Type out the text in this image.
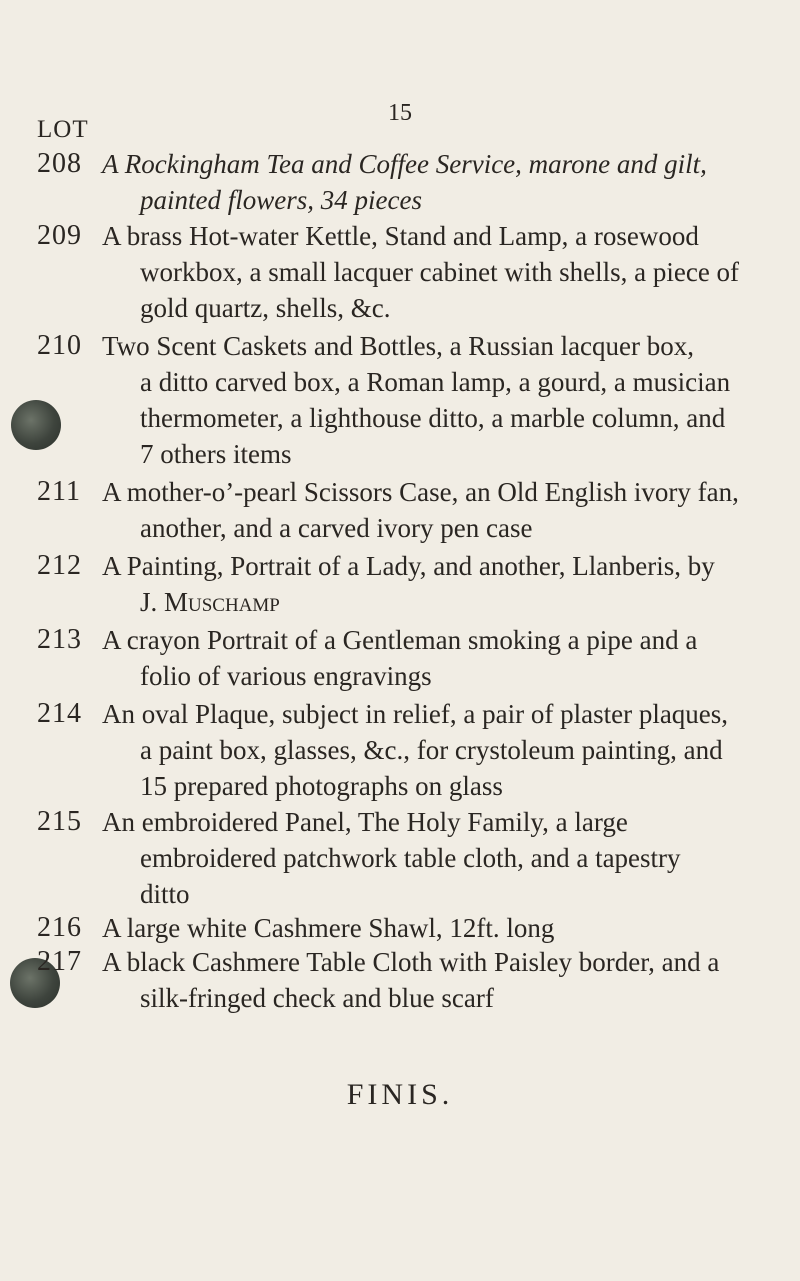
15
LOT
208 A Rockingham Tea and Coffee Service, marone and gilt,
painted flowers, 34 pieces
209 A brass Hot-water Kettle, Stand and Lamp, a rosewood
workbox, a small lacquer cabinet with shells, a piece of
gold quartz, shells, &c.
210 Two Scent Caskets and Bottles, a Russian lacquer box,
a ditto carved box, a Roman lamp, a gourd, a musician
thermometer, a lighthouse ditto, a marble column, and
7 others items
211 A mother-o’-pearl Scissors Case, an Old English ivory fan,
another, and a carved ivory pen case
212 A Painting, Portrait of a Lady, and another, Llanberis, by
J. Muschamp
213 A crayon Portrait of a Gentleman smoking a pipe and a
folio of various engravings
214 An oval Plaque, subject in relief, a pair of plaster plaques,
a paint box, glasses, &c., for crystoleum painting, and
15 prepared photographs on glass
215 An embroidered Panel, The Holy Family, a large
embroidered patchwork table cloth, and a tapestry
ditto
216 A large white Cashmere Shawl, 12ft. long
217 A black Cashmere Table Cloth with Paisley border, and a
silk-fringed check and blue scarf
FINIS.
